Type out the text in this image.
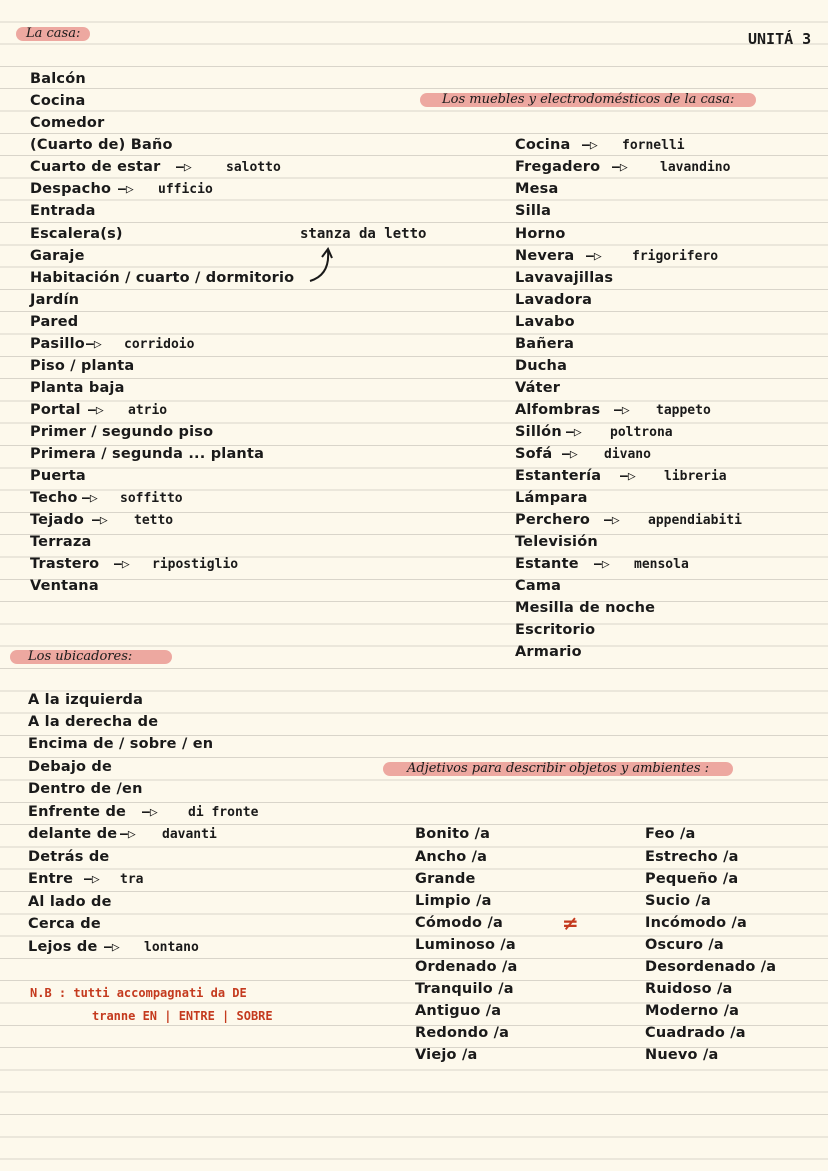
La casa:	UNITÁ 3
Los muebles y electrodomésticos de la casa:
Los ubicadores:
Adjetivos para describir objetos y ambientes :
Balcón
Cocina
Comedor
(Cuarto de) Baño
Cuarto de estar
Despacho
Entrada
Escalera(s)
Garaje
Habitación / cuarto / dormitorio
Jardín
Pared
Pasillo
Piso / planta
Planta baja
Portal
Primer / segundo piso
Primera / segunda ... planta
Puerta
Techo
Tejado
Terraza
Trastero
Ventana
—▷	salotto
—▷ ufficio
—▷ corridoio
—▷ atrio
—▷ soffitto
—▷ tetto
—▷ ripostiglio
stanza da letto
Cocina
Fregadero
Mesa
Silla
Horno
Nevera
Lavavajillas
Lavadora
Lavabo
Bañera
Ducha
Váter
Alfombras
Sillón
Sofá
Estantería
Lámpara
Perchero
Televisión
Estante
Cama
Mesilla de noche
Escritorio
Armario
—▷ fornelli
—▷ lavandino
—▷ frigorifero
—▷ tappeto
—▷ poltrona
—▷ divano
—▷ libreria
—▷ appendiabiti
—▷ mensola
A la izquierda
A la derecha de
Encima de / sobre / en
Debajo de
Dentro de /en
Enfrente de
delante de
Detrás de
Entre
Al lado de
Cerca de
Lejos de
—▷ di fronte
—▷ davanti
—▷ tra
—▷ lontano
N.B : tutti accompagnati da DE
tranne EN | ENTRE | SOBRE
Bonito /a
Ancho /a
Grande
Limpio /a
Cómodo /a
Luminoso /a
Ordenado /a
Tranquilo /a
Antiguo /a
Redondo /a
Viejo /a
≠
Feo /a
Estrecho /a
Pequeño /a
Sucio /a
Incómodo /a
Oscuro /a
Desordenado /a
Ruidoso /a
Moderno /a
Cuadrado /a
Nuevo /a
